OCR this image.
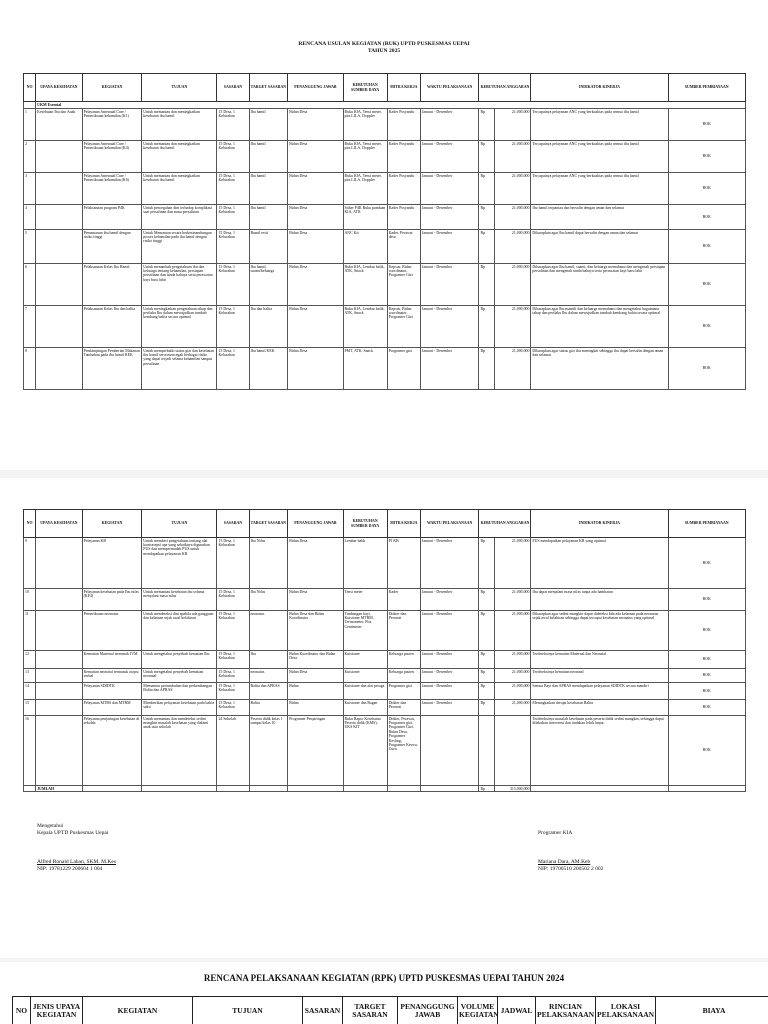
RENCANA USULAN KEGIATAN (RUK) UPTD PUSKESMAS UEPAI
TAHUN 2025
NO	UPAYA KESEHATAN	KEGIATAN	TUJUAN	SASARAN	TARGET SASARAN	PENANGGUNG JAWAB	KEBUTUHAN SUMBER DAYA	MITRA KERJA	WAKTU PELAKSANAAN	KEBUTUHAN ANGGARAN		INDIKATOR KINERJA	SUMBER PEMBIAYAAN
	UKM Esensial												
1	Kesehatan Ibu dan Anak	Pelayanan Antenatal Care / Pemeriksaan kehamilan (K1)	Untuk memantau dan meningkatkan kesehatan ibu hamil	15 Desa, 1 Kelurahan	Ibu hamil	Bidan Desa	Buku KIA, Tensi meter, pita LILA, Doppler	Kader Posyandu	Januari - Desember	Rp	21,000,000	Tercapainya pelayanan ANC yang berkualitas pada semua ibu hamil	BOK
2		Pelayanan Antenatal Care / Pemeriksaan kehamilan (K4)	Untuk memantau dan meningkatkan kesehatan ibu hamil	15 Desa, 1 Kelurahan	Ibu hamil	Bidan Desa	Buku KIA, Tensi meter, pita LILA, Doppler	Kader Posyandu	Januari - Desember	Rp	21,000,000	Tercapainya pelayanan ANC yang berkualitas pada semua ibu hamil	BOK
3		Pelayanan Antenatal Care / Pemeriksaan kehamilan (K6)	Untuk memantau dan meningkatkan kesehatan ibu hamil	15 Desa, 1 Kelurahan	Ibu hamil	Bidan Desa	Buku KIA, Tensi meter, pita LILA, Doppler	Kader Posyandu	Januari - Desember	Rp	21,000,000	Tercapainya pelayanan ANC yang berkualitas pada semua ibu hamil	BOK
4		Pelaksanaan program P4K	Untuk pencegahan dini terhadap komplikasi saat persalinan dan masa persalinan	15 Desa, 1 Kelurahan	Ibu hamil	Bidan Desa	Stiker P4K Buku panduan KIA, ATK	Kader Posyandu	Januari - Desember	Rp	21,000,000	Ibu hamil terpantau dan bersalin dengan aman dan selamat	BOK
5		Pemantauan ibu hamil dengan risiko tinggi	Untuk Memantau secara berkesinambungan proses kehamilan pada ibu hamil dengan risiko tinggi	15 Desa, 1 Kelurahan	Bumil resti	Bidan Desa	ANC Kit	Kader, Perawat desa	Januari - Desember	Rp	21,000,000	Diharapkan agar Ibu hamil dapat bersalin dengan aman dan selamat	BOK
6		Pelaksanaan Kelas Ibu Hamil	Untuk menambah pengetahuan ibu dan keluarga tentang kehamilan, persiapan persalinan dan tanda bahaya serta perawatan bayi baru lahir	15 Desa, 1 Kelurahan	Ibu hamil, suami/keluarga	Bidan Desa	Buku KIA, Lembar balik, ATK, Snack	Kepsus, Bidan coordinator, Programer Gizi	Januari - Desember	Rp	21,000,000	Diharapkan agar Ibu hamil, suami, dan keluarga memahami dan mengenali persiapan persalinan dan mengenali tanda bahaya serta perawatan bayi baru lahir	BOK
7		Pelaksanaan Kelas Ibu dan balita	Untuk meningkatkan pengetahuan sikap dan perilaku Ibu dalam mewujudkan tumbuh kembang balita secara optimal	15 Desa, 1 Kelurahan	Ibu dan balita	Bidan Desa	Buku KIA, Lembar balik, ATK, Snack	Kepsus, Bidan coordinator, Programer Gizi	Januari - Desember	Rp	21,000,000	Diharapkan agar Ibu mamili dan keluarga memahami dan mengetahui bagaimana tahap dan perilaku Ibu dalam mewujudkan tumbuh kembang balita secara optimal	BOK
8		Pendampingan Pemberian Makanan Tambahan pada ibu hamil KEK	Untuk memperbaiki status gizi dan kesehatan ibu hamil serta mencegah berbagai risiko yang dapat terjadi selama kehamilan sampai persalinan	15 Desa, 1 Kelurahan	Ibu hamil KEK	Bidan Desa	PMT, ATK, Snack	Programer gizi	Januari - Desember	Rp	21,000,000	Diharapkan agar status gizi ibu meningkat sehingga ibu dapat bersalin dengan aman dan selamat	BOK
NO	UPAYA KESEHATAN	KEGIATAN	TUJUAN	SASARAN	TARGET SASARAN	PENANGGUNG JAWAB	KEBUTUHAN SUMBER DAYA	MITRA KERJA	WAKTU PELAKSANAAN	KEBUTUHAN ANGGARAN		INDIKATOR KINERJA	SUMBER PEMBIAYAAN
9		Pelayanan KB	Untuk memberi pengetahuan tentang alat kontrasepsi apa yang sebaiknya digunakan PUS dan mempermudah PUS untuk mendapatkan pelayanan KB	15 Desa, 1 Kelurahan	Ibu Nifas	Bidan Desa	Lembar balik	PJ KB	Januari - Desember	Rp	21,000,000	PUS mendapatkan pelayanan KB yang optimal	BOK
10		Pelayanan kesehatan pada Ibu nifas (KF4)	Untuk memantau kesehatan ibu selama menjalani masa nifas	15 Desa, 1 Kelurahan	Ibu Nifas	Bidan Desa	Tensi meter	Kader	Januari - Desember	Rp	21,000,000	Ibu dapat menjalani masa nifas tanpa ada hambatan	BOK
11		Pemeriksaan neonatus	Untuk mendeteksi dini apabila ada gangguan dan kelainan sejak awal kelahiran	15 Desa, 1 Kelurahan	neonatus	Bidan Desa dan Bidan Koordinator	Timbangan bayi, Kuisioner MTBM, Termometer, Pita Centimeter	Dokter dan Perawat	Januari - Desember	Rp	21,000,000	Diharapkan agar sedini mungkin dapat dideteksi bila ada kelainan pada neonatus sejak awal kelahiran sehingga dapat tercapai kesehatan neonatus yang optimal	BOK
12		Kematian Maternal termasuk IVM	Untuk mengetahui penyebab kematian Ibu	15 Desa, 1 Kelurahan	Ibu	Bidan Koordinator dan Bidan Desa	Kuisioner	Keluarga pasien	Januari - Desember	Rp	21,000,000	Terdeteksinya kematian Maternal dan Neonatal	BOK
13		Kematian neonatal termasuk otopsi verbal	Untuk mengetahui penyebab kematian neonatal	15 Desa, 1 Kelurahan	neonatus	Bidan Desa	Kuisioner	Keluarga pasien	Januari - Desember	Rp	21,000,000	Terdeteksinya kematian neonatal	BOK
14		Pelayanan SDIDTK	Memantau pertumbuhan dan perkembangan Balita dan APRAS	15 Desa, 1 Kelurahan	Balita dan APRAS	Bidan	Kuisioner dan alat peraga	Programer gizi	Januari - Desember	Rp	21,000,000	Semua Bayi dan APRAS mendapatkan pelayanan SDIDTK secara mandiri	BOK
15		Pelayanan MTBS dan MTBM	Memberikan pelayanan kesehatan pada balita sakit	15 Desa, 1 Kelurahan	Balita	Bidan	Kuisioner dan Bagan	Dokter dan Perawat	Januari - Desember	Rp	21,000,000	Meningkatkan derajat kesehatan Balita	BOK
16		Pelayanan penjaringan kesehatan di sekolah	Untuk memantau dan mendeteksi sedini mungkin masalah kesehatan yang dialami anak usia sekolah	24 Sekolah	Peserta didik kelas 1 sampai kelas 10	Programer Penjaringan	Buku Rapor Kesehatan Peserta didik (KMS), UKS KIT	Dokter, Perawat, Programer gizi, Programer Gizi, Bidan Desa, Programer Kesling, Programer Keswa, Guru				Terdeteksinya masalah kesehatan pada peserta didik sedini mungkin, sehingga dapat dilakukan intervensi dan tindakan lebih lanjut.	BOK
	JUMLAH									Rp	315,000,000		
Mengetahui
Kepala UPTD Puskesmas Uepai
Alfred Ronald Laban, SKM. M.Kes
NIP: 19781229 200604 1 004
Programer KIA
Mariana Dara, AM.Keb
NIP: 19700510 200502 2 002
RENCANA PELAKSANAAN KEGIATAN (RPK) UPTD PUSKESMAS UEPAI TAHUN 2024
NO	JENIS UPAYA KEGIATAN	KEGIATAN	TUJUAN	SASARAN	TARGET SASARAN	PENANGGUNG JAWAB	VOLUME KEGIATAN	JADWAL	RINCIAN PELAKSANAAN	LOKASI PELAKSANAAN	BIAYA
